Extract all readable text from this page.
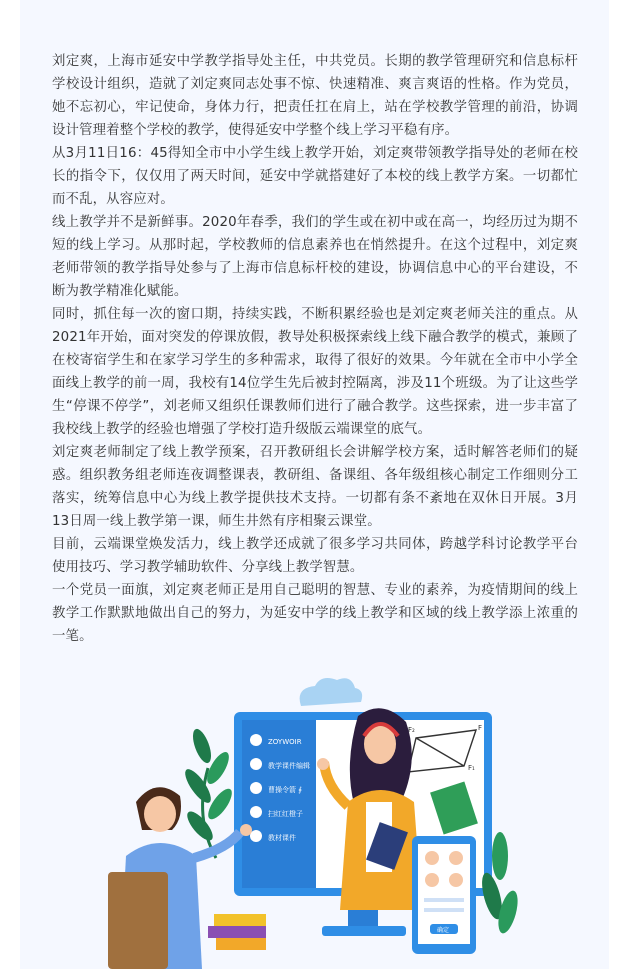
刘定爽，上海市延安中学教学指导处主任，中共党员。长期的教学管理研究和信息标杆学校设计组织，造就了刘定爽同志处事不惊、快速精准、爽言爽语的性格。作为党员，她不忘初心，牢记使命，身体力行，把责任扛在肩上，站在学校教学管理的前沿，协调设计管理着整个学校的教学，使得延安中学整个线上学习平稳有序。

从3月11日16：45得知全市中小学生线上教学开始，刘定爽带领教学指导处的老师在校长的指令下，仅仅用了两天时间，延安中学就搭建好了本校的线上教学方案。一切都忙而不乱，从容应对。

线上教学并不是新鲜事。2020年春季，我们的学生或在初中或在高一，均经历过为期不短的线上学习。从那时起，学校教师的信息素养也在悄然提升。在这个过程中，刘定爽老师带领的教学指导处参与了上海市信息标杆校的建设，协调信息中心的平台建设，不断为教学精准化赋能。

同时，抓住每一次的窗口期，持续实践，不断积累经验也是刘定爽老师关注的重点。从2021年开始，面对突发的停课放假，教导处积极探索线上线下融合教学的模式，兼顾了在校寄宿学生和在家学习学生的多种需求，取得了很好的效果。今年就在全市中小学全面线上教学的前一周，我校有14位学生先后被封控隔离，涉及11个班级。为了让这些学生“停课不停学”，刘老师又组织任课教师们进行了融合教学。这些探索，进一步丰富了我校线上教学的经验也增强了学校打造升级版云端课堂的底气。

刘定爽老师制定了线上教学预案，召开教研组长会讲解学校方案，适时解答老师们的疑惑。组织教务组老师连夜调整课表，教研组、备课组、各年级组核心制定工作细则分工落实，统筹信息中心为线上教学提供技术支持。一切都有条不紊地在双休日开展。3月13日周一线上教学第一课，师生井然有序相聚云课堂。

目前，云端课堂焕发活力，线上教学还成就了很多学习共同体，跨越学科讨论教学平台使用技巧、学习教学辅助软件、分享线上教学智慧。

一个党员一面旗，刘定爽老师正是用自己聪明的智慧、专业的素养，为疫情期间的线上教学工作默默地做出自己的努力，为延安中学的线上教学和区域的线上教学添上浓重的一笔。

ZOYWOIR
教学课件编辑
曹操令箭 ∮
扫红红橙子
教材课件
F₂	F
F₁
确定
